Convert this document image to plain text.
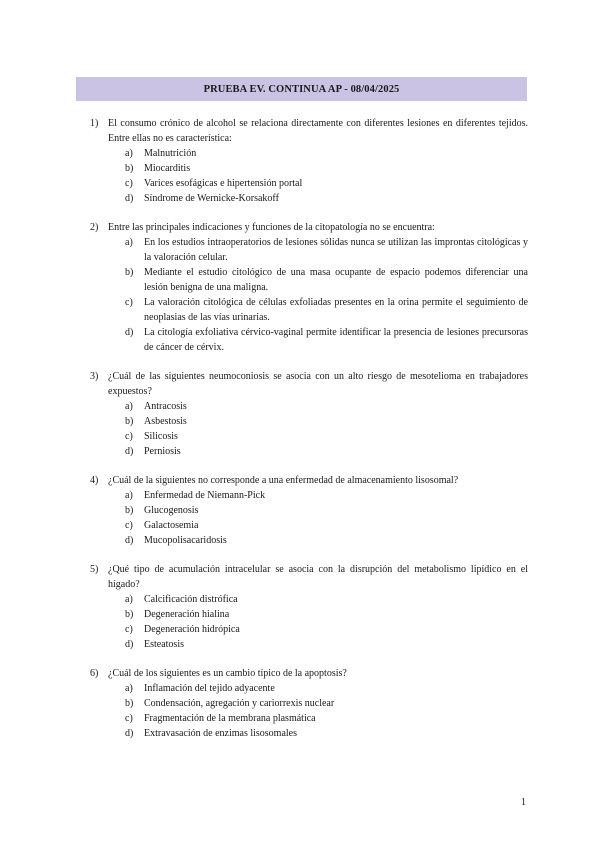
PRUEBA EV. CONTINUA AP - 08/04/2025
1) El consumo crónico de alcohol se relaciona directamente con diferentes lesiones en diferentes tejidos. Entre ellas no es característica:
a) Malnutrición
b) Miocarditis
c) Varices esofágicas e hipertensión portal
d) Síndrome de Wernicke-Korsakoff
2) Entre las principales indicaciones y funciones de la citopatología no se encuentra:
a) En los estudios intraoperatorios de lesiones sólidas nunca se utilizan las improntas citológicas y la valoración celular.
b) Mediante el estudio citológico de una masa ocupante de espacio podemos diferenciar una lesión benigna de una maligna.
c) La valoración citológica de células exfoliadas presentes en la orina permite el seguimiento de neoplasias de las vías urinarias.
d) La citología exfoliativa cérvico-vaginal permite identificar la presencia de lesiones precursoras de cáncer de cérvix.
3) ¿Cuál de las siguientes neumoconiosis se asocia con un alto riesgo de mesotelioma en trabajadores expuestos?
a) Antracosis
b) Asbestosis
c) Silicosis
d) Perniosis
4) ¿Cuál de la siguientes no corresponde a una enfermedad de almacenamiento lisosomal?
a) Enfermedad de Niemann-Pick
b) Glucogenosis
c) Galactosemia
d) Mucopolisacaridosis
5) ¿Qué tipo de acumulación intracelular se asocia con la disrupción del metabolismo lipídico en el hígado?
a) Calcificación distrófica
b) Degeneración hialina
c) Degeneración hidrópica
d) Esteatosis
6) ¿Cuál de los siguientes es un cambio típico de la apoptosis?
a) Inflamación del tejido adyacente
b) Condensación, agregación y cariorrexis nuclear
c) Fragmentación de la membrana plasmática
d) Extravasación de enzimas lisosomales
1
